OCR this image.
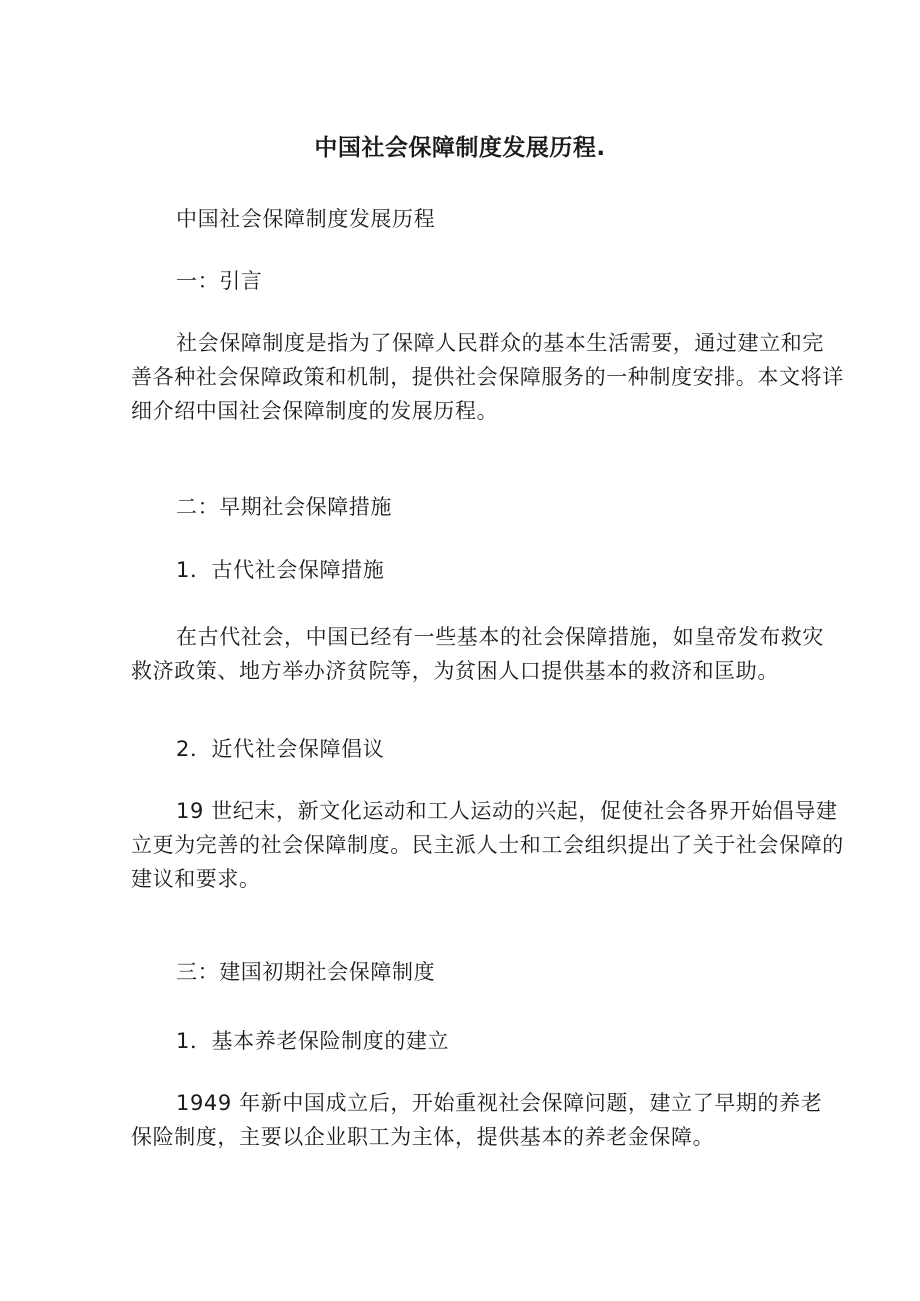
中国社会保障制度发展历程.

中国社会保障制度发展历程

一：引言

社会保障制度是指为了保障人民群众的基本生活需要，通过建立和完
善各种社会保障政策和机制，提供社会保障服务的一种制度安排。本文将详
细介绍中国社会保障制度的发展历程。

二：早期社会保障措施

1．古代社会保障措施

在古代社会，中国已经有一些基本的社会保障措施，如皇帝发布救灾
救济政策、地方举办济贫院等，为贫困人口提供基本的救济和匡助。

2．近代社会保障倡议

19 世纪末，新文化运动和工人运动的兴起，促使社会各界开始倡导建
立更为完善的社会保障制度。民主派人士和工会组织提出了关于社会保障的
建议和要求。

三：建国初期社会保障制度

1．基本养老保险制度的建立

1949 年新中国成立后，开始重视社会保障问题，建立了早期的养老
保险制度，主要以企业职工为主体，提供基本的养老金保障。
